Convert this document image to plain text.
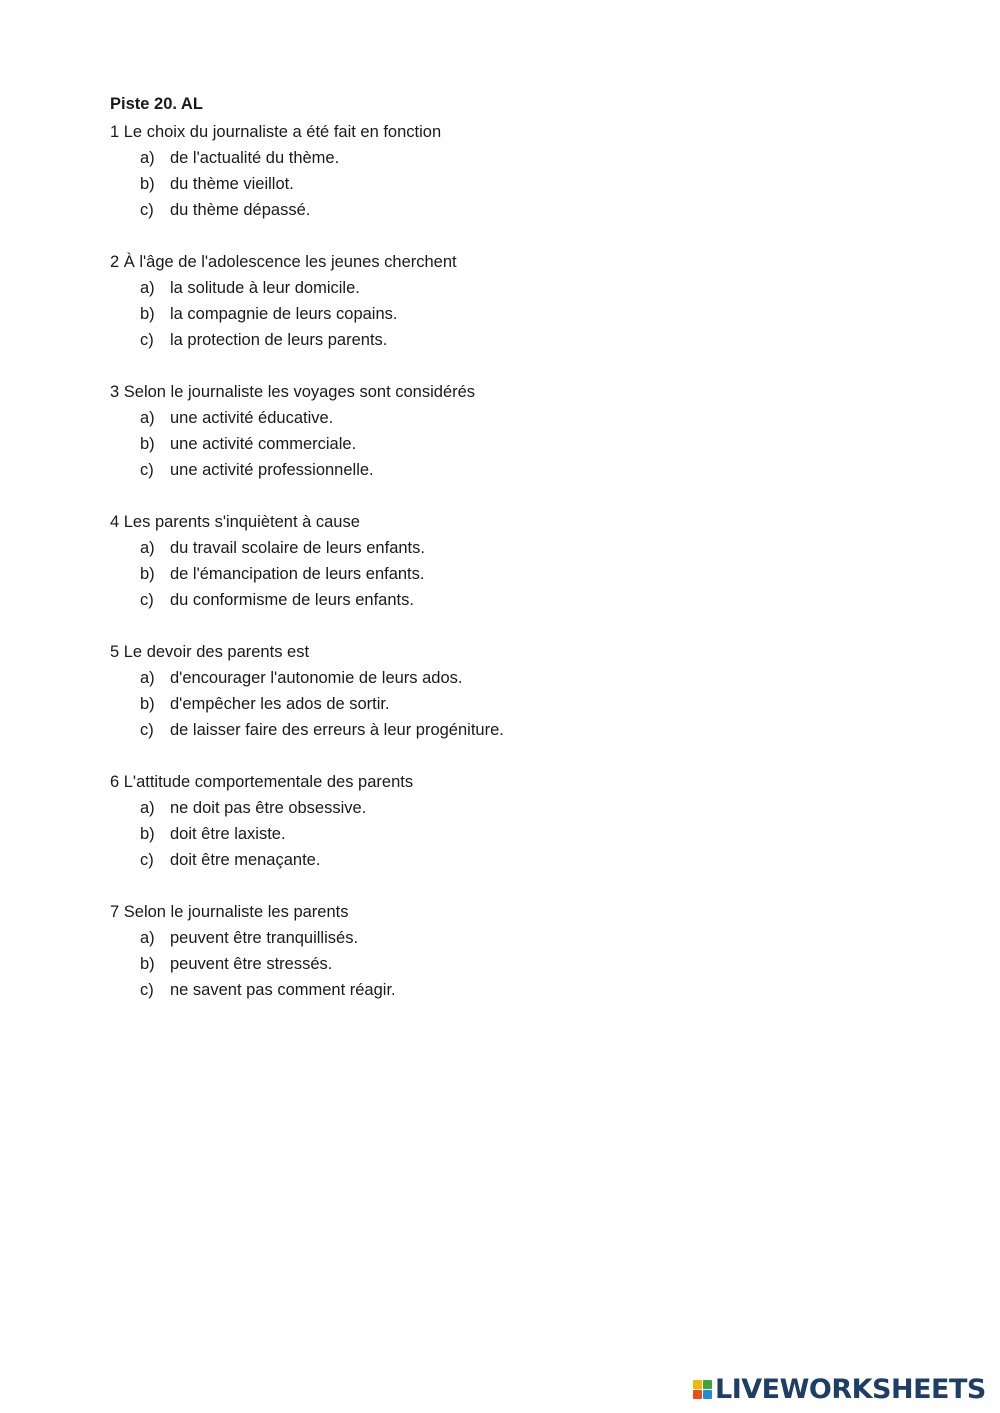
Piste 20. AL
1 Le choix du journaliste a été fait en fonction
a) de l'actualité du thème.
b) du thème vieillot.
c) du thème dépassé.
2 À l'âge de l'adolescence les jeunes cherchent
a) la solitude à leur domicile.
b) la compagnie de leurs copains.
c) la protection de leurs parents.
3 Selon le journaliste les voyages sont considérés
a) une activité éducative.
b) une activité commerciale.
c) une activité professionnelle.
4 Les parents s'inquiètent à cause
a) du travail scolaire de leurs enfants.
b) de l'émancipation de leurs enfants.
c) du conformisme de leurs enfants.
5 Le devoir des parents est
a) d'encourager l'autonomie de leurs ados.
b) d'empêcher les ados de sortir.
c) de laisser faire des erreurs à leur progéniture.
6 L'attitude comportementale des parents
a) ne doit pas être obsessive.
b) doit être laxiste.
c) doit être menaçante.
7 Selon le journaliste les parents
a) peuvent être tranquillisés.
b) peuvent être stressés.
c) ne savent pas comment réagir.
LIVEWORKSHEETS
